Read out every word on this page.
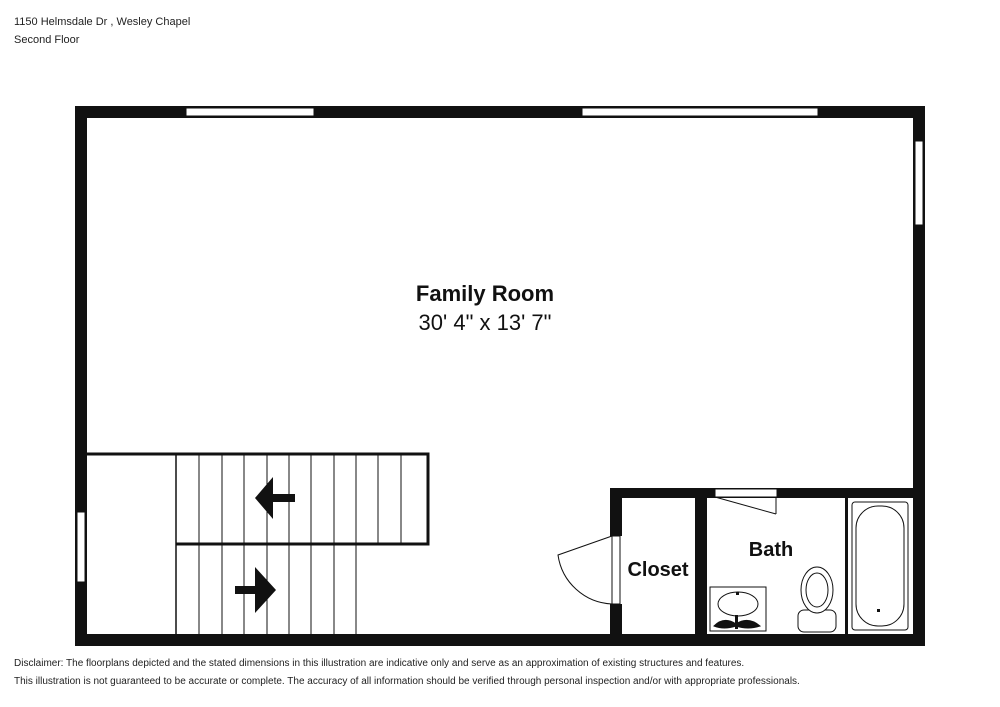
1150 Helmsdale Dr , Wesley Chapel
Second Floor
Family Room
30' 4" x 13' 7"
Closet
Bath
Disclaimer: The floorplans depicted and the stated dimensions in this illustration are indicative only and serve as an approximation of existing structures and features.
This illustration is not guaranteed to be accurate or complete. The accuracy of all information should be verified through personal inspection and/or with appropriate professionals.
